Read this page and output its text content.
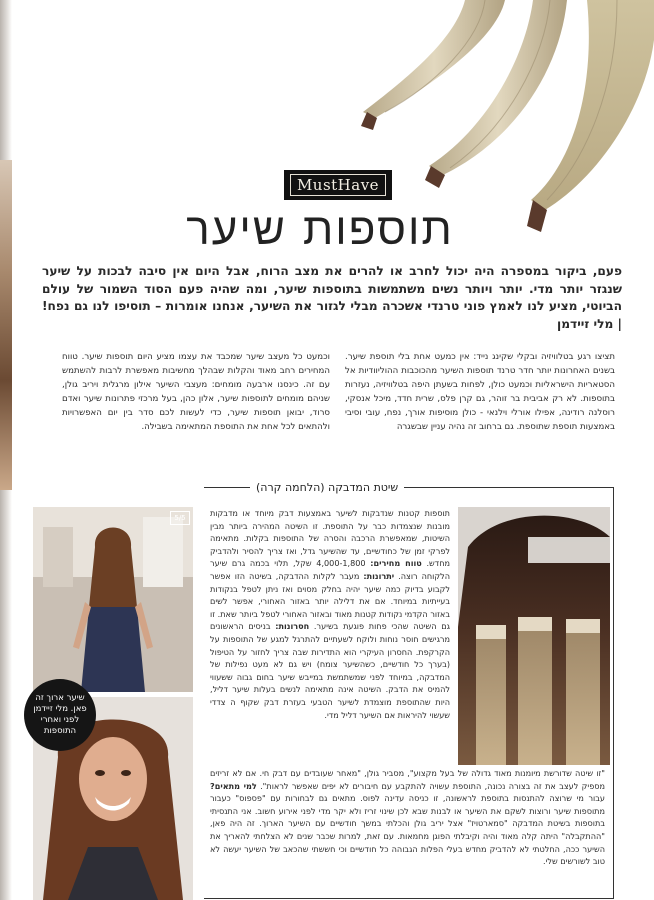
MustHave
תוספות שיער
פעם, ביקור במספרה היה יכול לחרב או להרים את מצב הרוח, אבל היום אין סיבה לבכות על שיער שנגזר יותר מדי. יותר ויותר נשים משתמשות בתוספות שיער, ומה שהיה פעם הסוד השמור של עולם הביוטי, מציע לנו לאמץ פוני טרנדי אשכרה מבלי לגזור את השיער, אנחנו אומרות – תוסיפו לנו גם נפח! | מלי זיידמן
תציצו רגע בטלוויזיה ובקלי שקינג נייד: אין כמעט אחת בלי תוספת שיער. בשנים האחרונות יותר חדר טרנד תוספות השיער מהכוכבות ההוליוודיות אל הסטאריות הישראליות וכמעט כולן, לפחות בשעתן היפה בטלוויזיה, נעזרות בתוספות. לא רק אביבית בר זוהר, גם קרן פלס, שרית חדד, מיכל אנסקי, רוסלנה רודינה, אפילו אורלי וילנאי - כולן מוסיפות אורך, נפח, עובי וסיבי באמצעות תוספת שתוספת. גם ברחוב זה נהיה עניין שבשגרה
וכמעט כל מעצב שיער שמכבד את עצמו מציע היום תוספות שיער. טווח המחירים רחב מאוד והקלות שבהלך מחשיבות מאפשרת לרבות להשתמש עם זה. כינסנו ארבעה מומחים: מעצבי השיער אילון מרגלית ויריב גולן, שניהם מומחים לתוספות שיער, אלון כהן, בעל מרכזי פתרונות שיער ואדם סרוד, יבואן תוספות שיער, כדי לעשות לכם סדר בין יום האפשרויות ולהתאים לכל אחת את התוספת המתאימה בשבילה.
שיטת המדבקה (הלחמה קרה)
תוספות קטנות שנדבקות לשיער באמצעות דבק מיוחד או מדבקות מובנות שנצמדות כבר על התוספת. זו השיטה המהירה ביותר מבין השיטות, שמאפשרת הרכבה והסרה של התוספות בקלות. מתאימה לפרקי זמן של כחודשיים, עד שהשיער גדל, ואז צריך להסיר ולהדביק מחדש. טווח מחירים: 4,000-1,800 שקל, תלוי בכמה גרם שיער הלקוחה רוצה. יתרונות: מעבר לקלות ההדבקה, בשיטה הזו אפשר לקבוע בדיוק כמה שיער יהיה בחלק מסוים ואז ניתן לטפל בנקודות בעייתיות במיוחד. אם את דלילה יותר באזור האחורי, אפשר לשים באזור הקדמי נקודות קטנות מאוד ובאזור האחורי לטפל ביותר שאת. זו גם השיטה שהכי פחות פוגעת בשיער. חסרונות: בניסים הראשונים מרגישים חוסר נוחות ולוקח לשעתיים להתרגל למגע של התוספות על הקרקפת. החסרון העיקרי הוא התדירות שבה צריך לחזור על הטיפול (בערך כל חודשיים, כשהשיער צומח) ויש גם לא מעט נפילות של המדבקה, במיוחד לפני שמשתמשת במייבש שיער בחום גבוה ששעווי להמיס את הדבק. השיטה אינה מתאימה לנשים בעלות שיער דליל, היות שהתוספת מוצמדת לשיער הטבעי בעזרת דבק שקוף ה צדדי שעשוי להיראות אם השיער דליל מדי.
"זו שיטה שדורשת מיומנות מאוד גדולה של בעל מקצוע", מסביר גולן, "מאחר שעובדים עם דבק חי. אם לא זריזים מספיק לעצב את זה בצורה נכונה, התוספת עשויה להתקבע עם חיבורים לא יפים שאפשר לראות". למי מתאים? עבור מי שרוצה להתנסות בתוספת לראשונה, זו כניסה עדינה לפוס. מתאים גם לבחורות עם "פספוס" כעבור מתוספות שיער ורוצות לשקם את השיער או לבנות שבא לכן שינוי זריז ולא יקר מדי לפני אירוע חשוב. אני התנסיתי בתוספות בשיטת המדבקה "סמארטויז" אצל יריב גולן והכלתי במשך חודשיים עם השיער הארוך. זה היה פאן, "ההתקבלה" היתה קלה מאוד והיה וקיבלתי הפוגן מחמאות. עם זאת, למרות שכבר שנים לא הצלחתי להאריך את השיער ככה, החלטתי לא להדביק מחדש בעלי הפלות הגבוהה כל חודשיים וכי חששתי שהכאב של השיער יעשה לא טוב לשורשים שלי.
5/5
שיער ארוך זה פאן. מלי זיידמן לפני ואחרי התוספות
